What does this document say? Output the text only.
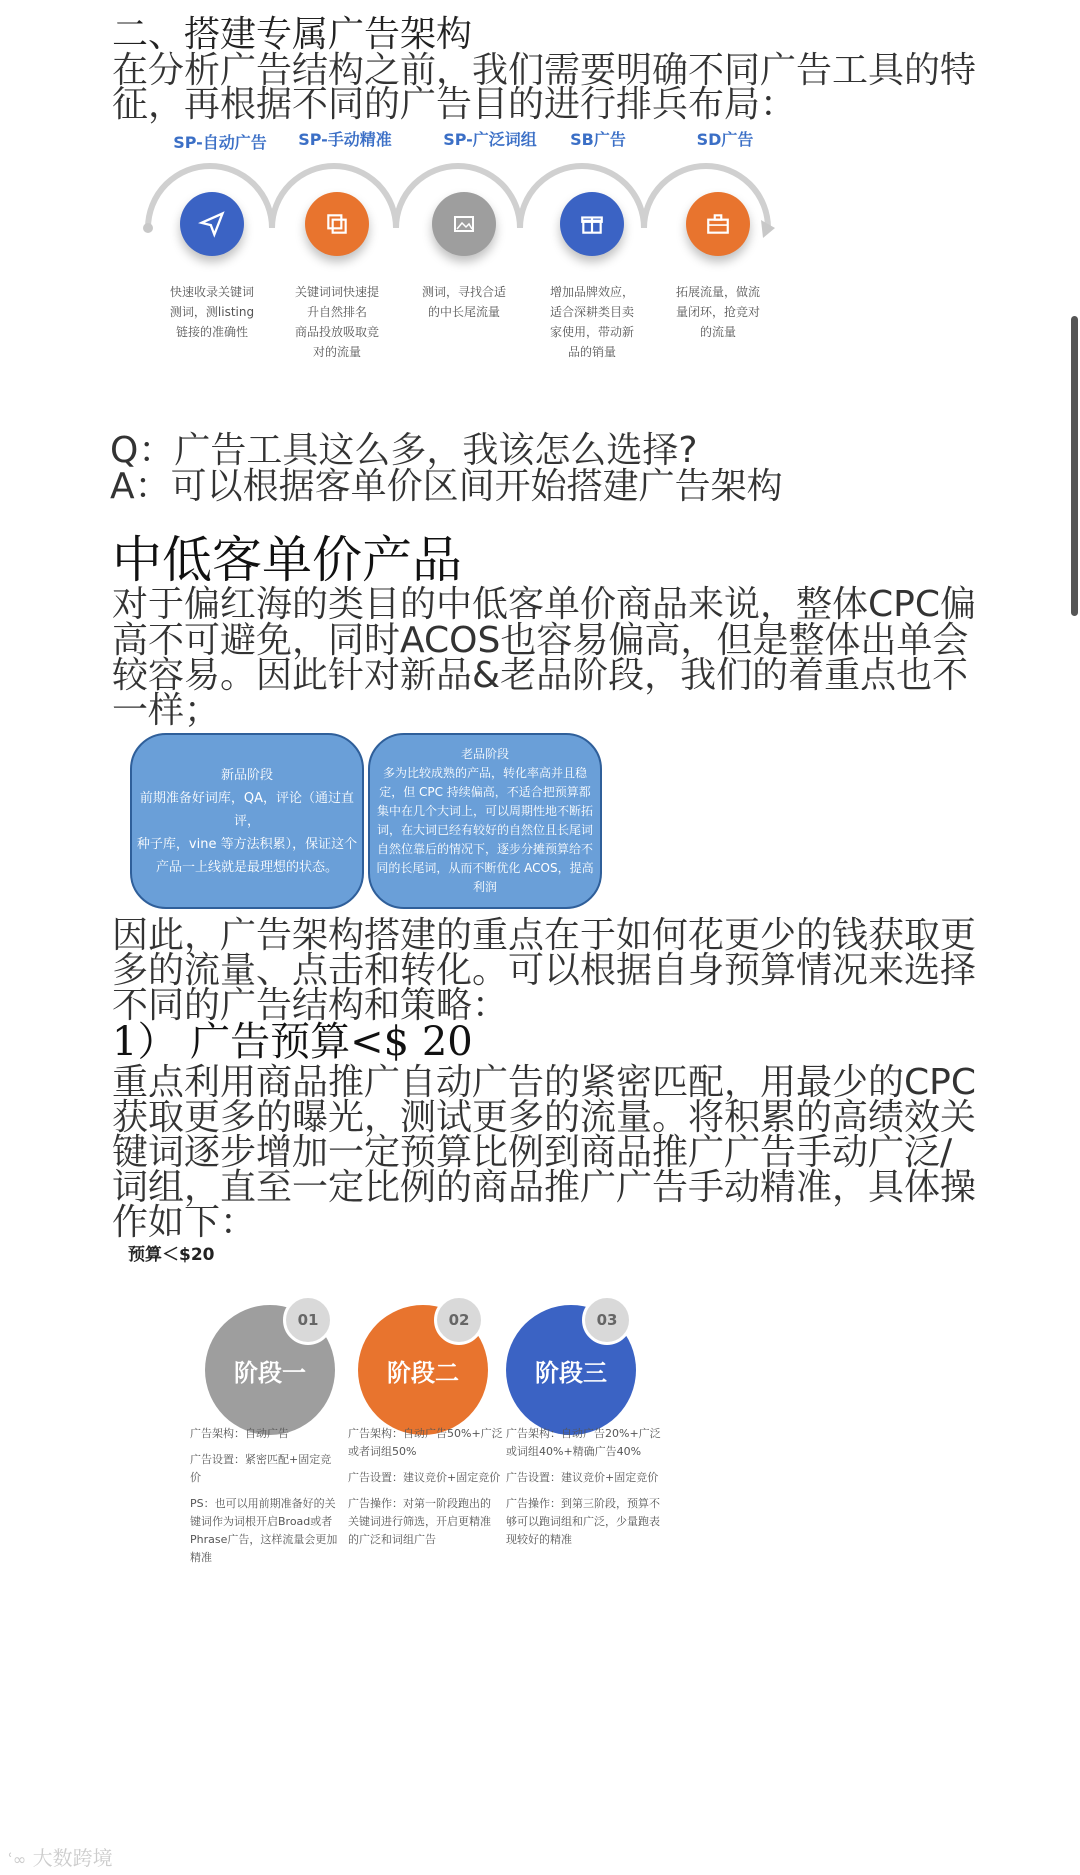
二、搭建专属广告架构
在分析广告结构之前，我们需要明确不同广告工具的特
征，再根据不同的广告目的进行排兵布局：
SP-自动广告
快速收录关键词
测词，测listing
链接的准确性
SP-手动精准
关键词词快速提
升自然排名
商品投放吸取竞
对的流量
SP-广泛词组
测词，寻找合适
的中长尾流量
SB广告
增加品牌效应，
适合深耕类目卖
家使用，带动新
品的销量
SD广告
拓展流量，做流
量闭环，抢竞对
的流量
Q：广告工具这么多，我该怎么选择?
A：可以根据客单价区间开始搭建广告架构
中低客单价产品
对于偏红海的类目的中低客单价商品来说，整体CPC偏
高不可避免，同时ACOS也容易偏高，但是整体出单会
较容易。因此针对新品&老品阶段，我们的着重点也不
一样；
新品阶段
前期准备好词库，QA，评论（通过直评，
种子库，vine 等方法积累），保证这个
产品一上线就是最理想的状态。
老品阶段
多为比较成熟的产品，转化率高并且稳
定，但 CPC 持续偏高，不适合把预算都
集中在几个大词上，可以周期性地不断拓
词，在大词已经有较好的自然位且长尾词
自然位靠后的情况下，逐步分摊预算给不
同的长尾词，从而不断优化 ACOS，提高
利润
因此，广告架构搭建的重点在于如何花更少的钱获取更
多的流量、点击和转化。可以根据自身预算情况来选择
不同的广告结构和策略：
1） 广告预算<$ 20
重点利用商品推广自动广告的紧密匹配，用最少的CPC
获取更多的曝光，测试更多的流量。将积累的高绩效关
键词逐步增加一定预算比例到商品推广广告手动广泛/
词组，直至一定比例的商品推广广告手动精准，具体操
作如下：
预算＜$20
阶段一
01
广告架构：自动广告
广告设置：紧密匹配+固定竞价
PS：也可以用前期准备好的关
键词作为词根开启Broad或者
Phrase广告，这样流量会更加
精准
阶段二
02
广告架构：自动广告50%+广泛
或者词组50%
广告设置：建议竞价+固定竞价
广告操作：对第一阶段跑出的
关键词进行筛选，开启更精准
的广泛和词组广告
阶段三
03
广告架构：自动广告20%+广泛
或词组40%+精确广告40%
广告设置：建议竞价+固定竞价
广告操作：到第三阶段，预算不
够可以跑词组和广泛，少量跑表
现较好的精准
ʿ∞ 大数跨境
